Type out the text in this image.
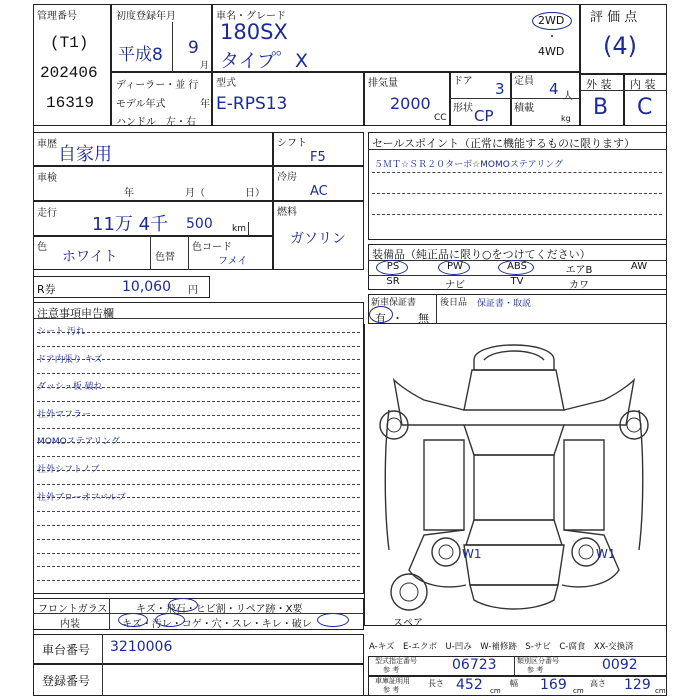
管理番号
(T1)
202406
16319
初度登録年月
平成8 9
月
車名・グレード
180SX
タイプ゜X
2WD
・
4WD
評 価 点
(4)
ディーラー・並 行
モデル年式	年
ハンドル　左・右
型式
E-RPS13
排気量
2000
CC
ドア 3
形状 CP
定員 4 人
積載
kg
外 装 内 装
B C
車歴 自家用
車検
年	月（	日）
走行
11万 4千 500 km
色
ホワイト	色替
色コード
フメイ
シフト
F5
冷房
AC
燃料
ガソリン
R券	10,060 円
セールスポイント（正常に機能するものに限ります）
５ＭＴ☆ＳＲ２０ターボ☆MOMOステアリング
装備品（純正品に限り○をつけてください）
PS	PW	ABS	エアB	AW
SR	ナビ	TV	カワ
新車保証書
有 ・ 無
後日品 保証書・取説
注意事項申告欄
シート 汚れ
ドア内張り キズ
ダッシュ板 破れ
社外マフラー
MOMOステアリング
社外シフトノブ
社外ブローオフバルブ
W1	W1
スペア
フロントガラス	キズ・飛石・ヒビ割・リペア跡・X要
内装	キズ・汚レ・コゲ・穴・スレ・キレ・破レ
車台番号 3210006
登録番号
A-キズ　E-エクボ　U-凹み　W-補修跡　S-サビ　C-腐食　XX-交換済
型式指定番号
参 考	06723	類別区分番号
参 考	0092
車庫証明用
参 考
長さ 452 cm
幅 169 cm
高さ 129 cm
